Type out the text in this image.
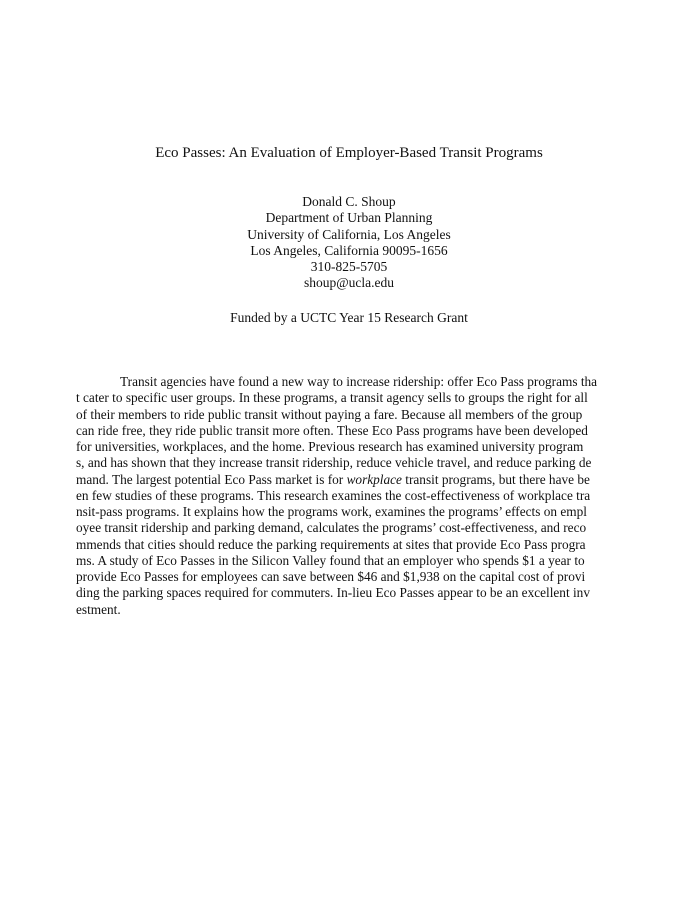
Eco Passes: An Evaluation of Employer-Based Transit Programs
Donald C. Shoup
Department of Urban Planning
University of California, Los Angeles
Los Angeles, California 90095-1656
310-825-5705
shoup@ucla.edu
Funded by a UCTC Year 15 Research Grant
Transit agencies have found a new way to increase ridership: offer Eco Pass programs tha
t cater to specific user groups. In these programs, a transit agency sells to groups the right for all
of their members to ride public transit without paying a fare. Because all members of the group
can ride free, they ride public transit more often. These Eco Pass programs have been developed
for universities, workplaces, and the home. Previous research has examined university program
s, and has shown that they increase transit ridership, reduce vehicle travel, and reduce parking de
mand. The largest potential Eco Pass market is for workplace transit programs, but there have be
en few studies of these programs. This research examines the cost-effectiveness of workplace tra
nsit-pass programs. It explains how the programs work, examines the programs’ effects on empl
oyee transit ridership and parking demand, calculates the programs’ cost-effectiveness, and reco
mmends that cities should reduce the parking requirements at sites that provide Eco Pass progra
ms. A study of Eco Passes in the Silicon Valley found that an employer who spends $1 a year to
provide Eco Passes for employees can save between $46 and $1,938 on the capital cost of provi
ding the parking spaces required for commuters. In-lieu Eco Passes appear to be an excellent inv
estment.
